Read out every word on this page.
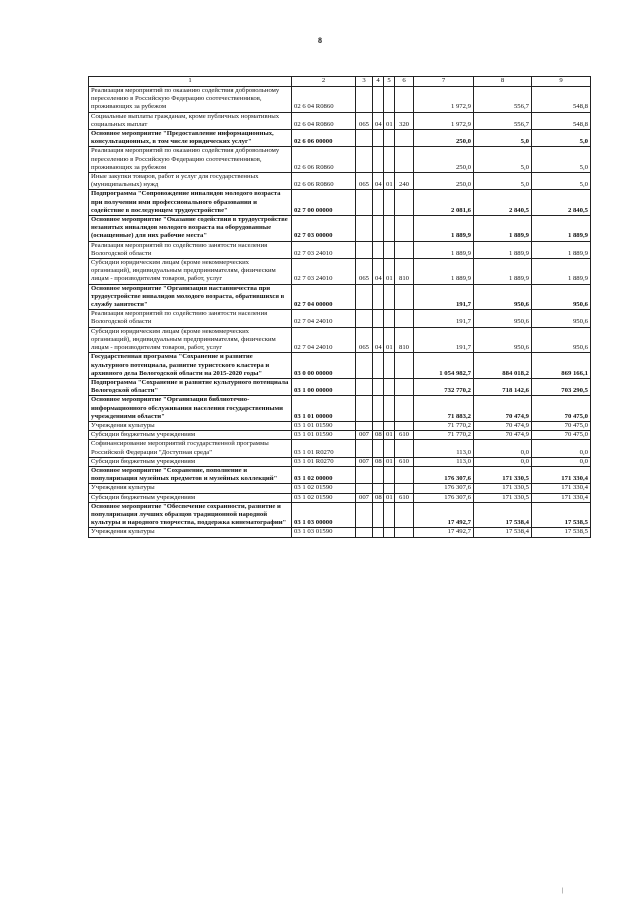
8
1	2	3	4	5	6	7	8	9
Реализация мероприятий по оказанию содействия добровольному переселению в Российскую Федерацию соотечественников, проживающих за рубежом	02 6 04 R0860					1 972,9	556,7	548,8
Социальные выплаты гражданам, кроме публичных нормативных социальных выплат	02 6 04 R0860	065	04	01	320	1 972,9	556,7	548,8
Основное мероприятие "Предоставление информационных, консультационных, в том числе юридических услуг"	02 6 06 00000					250,0	5,0	5,0
Реализация мероприятий по оказанию содействия добровольному переселению в Российскую Федерацию соотечественников, проживающих за рубежом	02 6 06 R0860					250,0	5,0	5,0
Иные закупки товаров, работ и услуг для государственных (муниципальных) нужд	02 6 06 R0860	065	04	01	240	250,0	5,0	5,0
Подпрограмма "Сопровождение инвалидов молодого возраста при получении ими профессионального образования и содействие в последующем трудоустройстве"	02 7 00 00000					2 081,6	2 840,5	2 840,5
Основное мероприятие "Оказание содействия в трудоустройстве незанятых инвалидов молодого возраста на оборудованные (оснащенные) для них рабочие места"	02 7 03 00000					1 889,9	1 889,9	1 889,9
Реализация мероприятий по содействию занятости населения Вологодской области	02 7 03 24010					1 889,9	1 889,9	1 889,9
Субсидии юридическим лицам (кроме некоммерческих организаций), индивидуальным предпринимателям, физическим лицам - производителям товаров, работ, услуг	02 7 03 24010	065	04	01	810	1 889,9	1 889,9	1 889,9
Основное мероприятие "Организация наставничества при трудоустройстве инвалидов молодого возраста, обратившихся в службу занятости"	02 7 04 00000					191,7	950,6	950,6
Реализация мероприятий по содействию занятости населения Вологодской области	02 7 04 24010					191,7	950,6	950,6
Субсидии юридическим лицам (кроме некоммерческих организаций), индивидуальным предпринимателям, физическим лицам - производителям товаров, работ, услуг	02 7 04 24010	065	04	01	810	191,7	950,6	950,6
Государственная программа "Сохранение и развитие культурного потенциала, развитие туристского кластера и архивного дела Вологодской области на 2015-2020 годы"	03 0 00 00000					1 054 982,7	884 018,2	869 166,1
Подпрограмма "Сохранение и развитие культурного потенциала Вологодской области"	03 1 00 00000					732 770,2	718 142,6	703 290,5
Основное мероприятие "Организация библиотечно-информационного обслуживания населения государственными учреждениями области"	03 1 01 00000					71 883,2	70 474,9	70 475,0
Учреждения культуры	03 1 01 01590					71 770,2	70 474,9	70 475,0
Субсидии бюджетным учреждениям	03 1 01 01590	007	08	01	610	71 770,2	70 474,9	70 475,0
Софинансирование мероприятий государственной программы Российской Федерации "Доступная среда"	03 1 01 R0270					113,0	0,0	0,0
Субсидии бюджетным учреждениям	03 1 01 R0270	007	08	01	610	113,0	0,0	0,0
Основное мероприятие "Сохранение, пополнение и популяризация музейных предметов и музейных коллекций"	03 1 02 00000					176 307,6	171 330,5	171 330,4
Учреждения культуры	03 1 02 01590					176 307,6	171 330,5	171 330,4
Субсидии бюджетным учреждениям	03 1 02 01590	007	08	01	610	176 307,6	171 330,5	171 330,4
Основное мероприятие "Обеспечение сохранности, развитие и популяризация лучших образцов традиционной народной культуры и народного творчества, поддержка кинематографии"	03 1 03 00000					17 492,7	17 538,4	17 538,5
Учреждения культуры	03 1 03 01590					17 492,7	17 538,4	17 538,5
|
